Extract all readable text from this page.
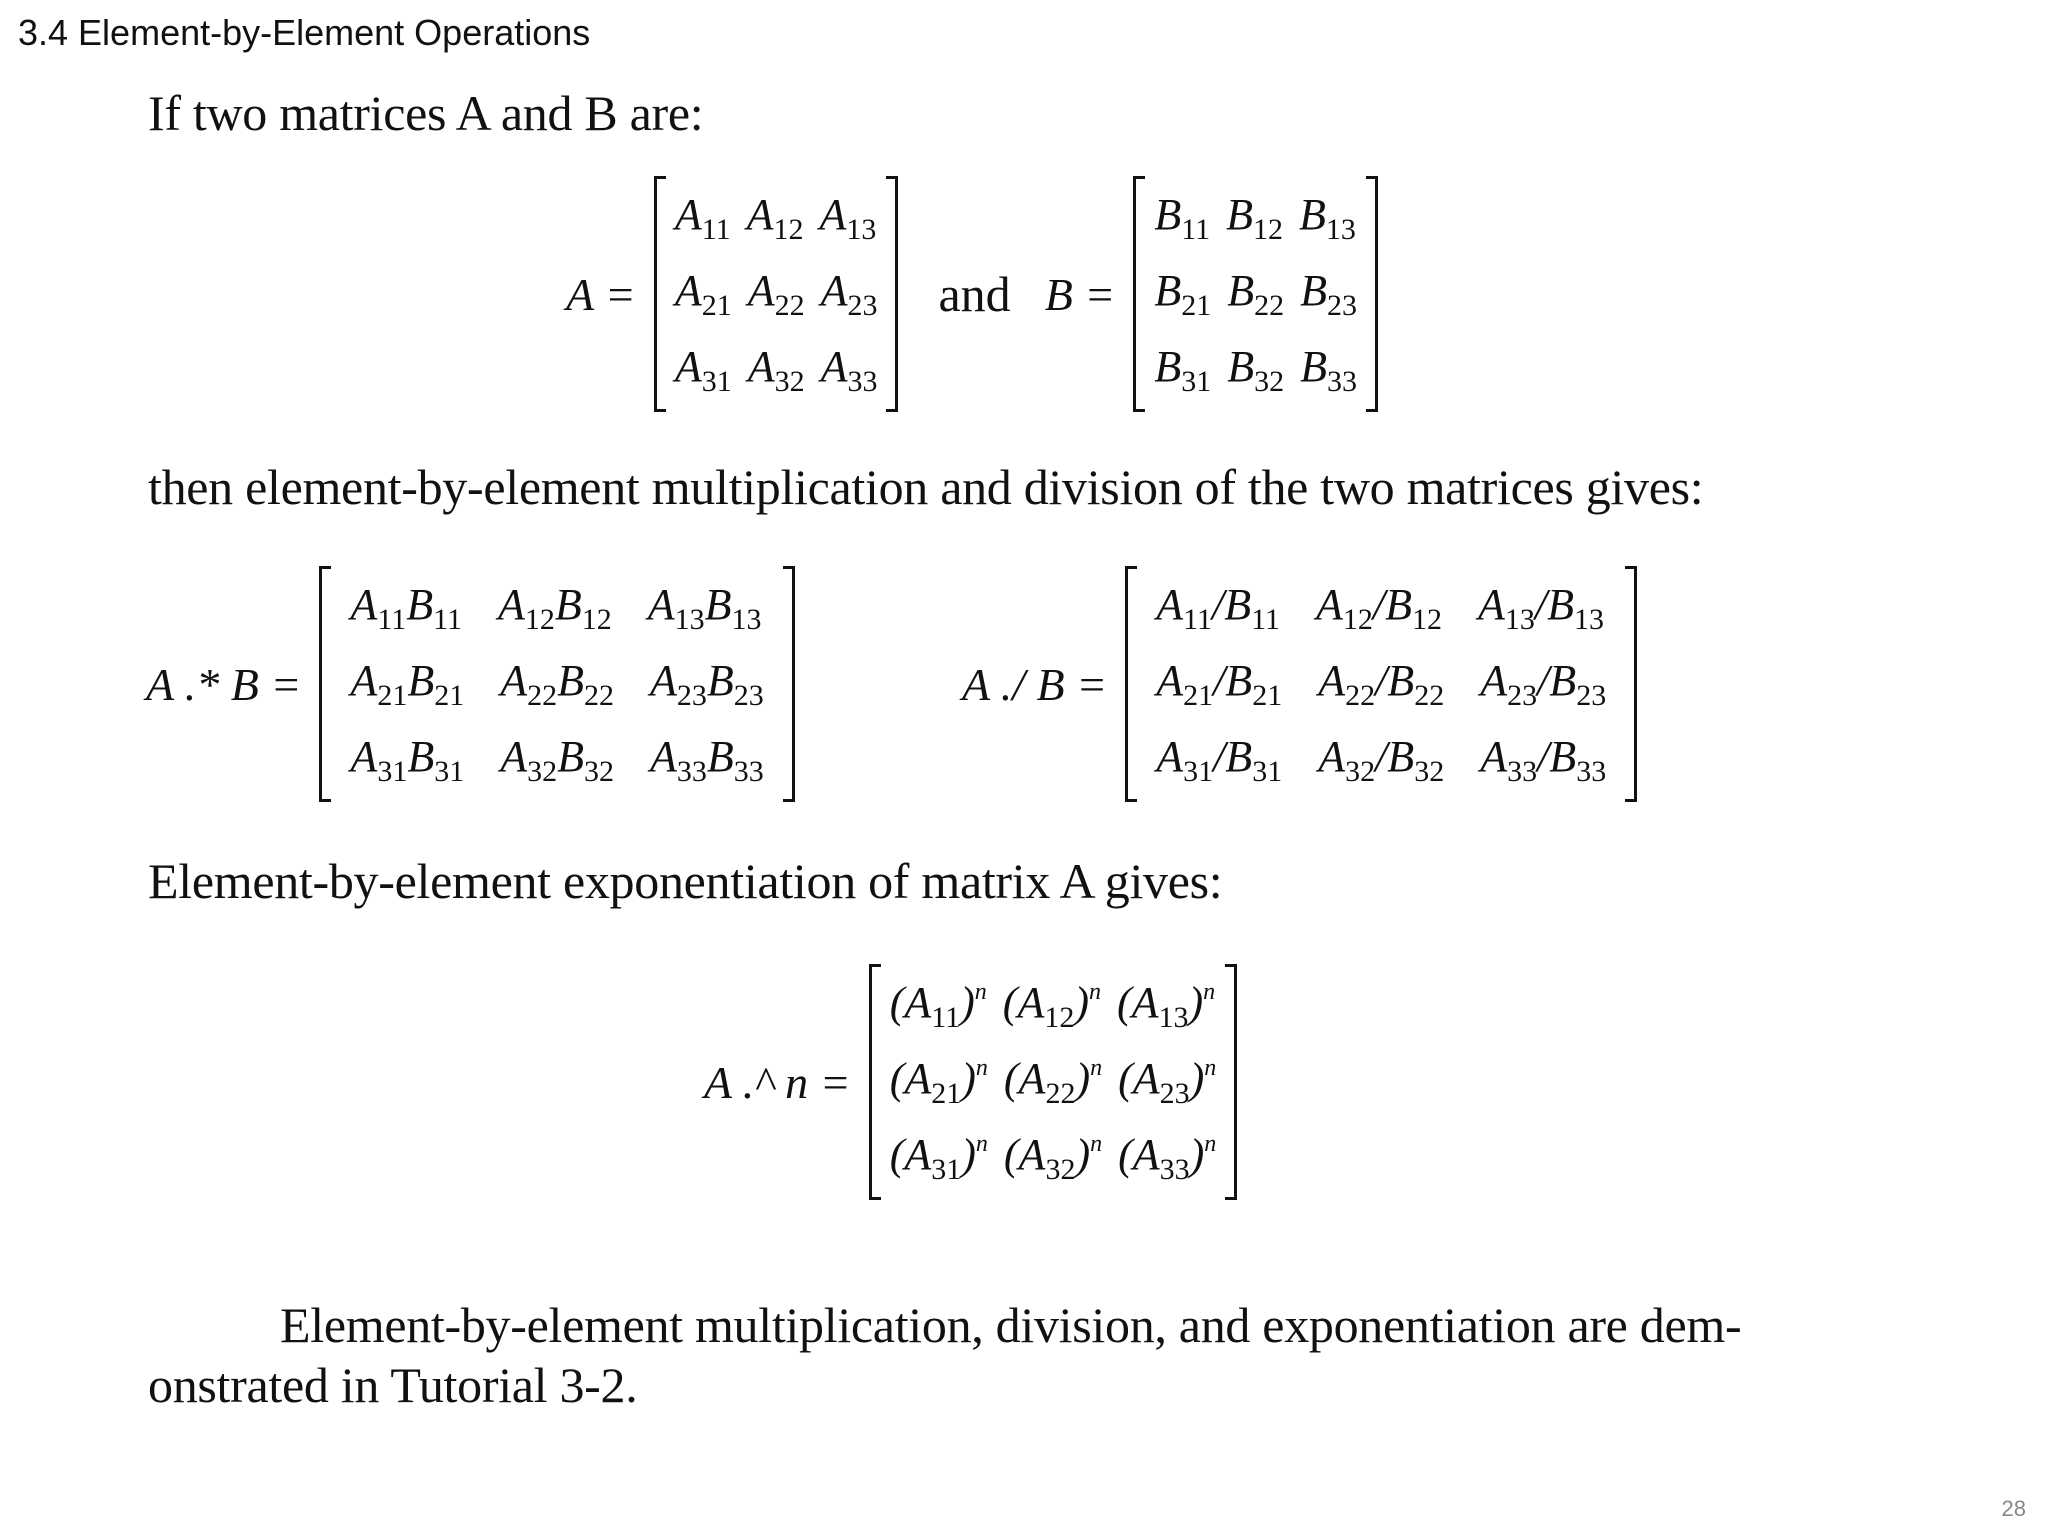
3.4 Element-by-Element Operations
If two matrices A and B are:
A =
$A_{11}$ $A_{12}$ $A_{13}$
$A_{21}$ $A_{22}$ $A_{23}$
$A_{31}$ $A_{32}$ $A_{33}$
and B =
$B_{11}$ $B_{12}$ $B_{13}$
$B_{21}$ $B_{22}$ $B_{23}$
$B_{31}$ $B_{32}$ $B_{33}$
then element-by-element multiplication and division of the two matrices gives:
A .* B =
$A_{11}B_{11}$ $A_{12}B_{12}$ $A_{13}B_{13}$
$A_{21}B_{21}$ $A_{22}B_{22}$ $A_{23}B_{23}$
$A_{31}B_{31}$ $A_{32}B_{32}$ $A_{33}B_{33}$
A ./ B =
$A_{11}/B_{11}$ $A_{12}/B_{12}$ $A_{13}/B_{13}$
$A_{21}/B_{21}$ $A_{22}/B_{22}$ $A_{23}/B_{23}$
$A_{31}/B_{31}$ $A_{32}/B_{32}$ $A_{33}/B_{33}$
Element-by-element exponentiation of matrix A gives:
A .^ n =
$(A_{11})^n$ $(A_{12})^n$ $(A_{13})^n$
$(A_{21})^n$ $(A_{22})^n$ $(A_{23})^n$
$(A_{31})^n$ $(A_{32})^n$ $(A_{33})^n$
Element-by-element multiplication, division, and exponentiation are dem-
onstrated in Tutorial 3-2.
28
